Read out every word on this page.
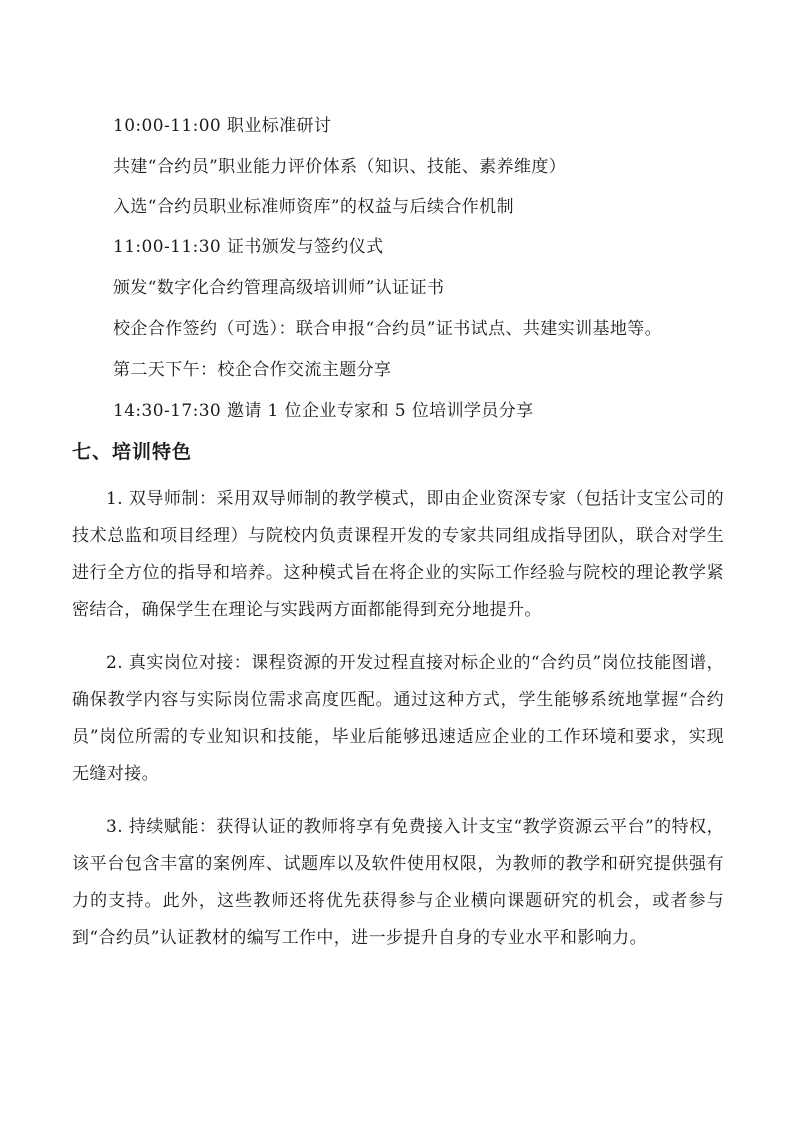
10:00-11:00 职业标准研讨
共建“合约员”职业能力评价体系（知识、技能、素养维度）
入选“合约员职业标准师资库”的权益与后续合作机制
11:00-11:30 证书颁发与签约仪式
颁发“数字化合约管理高级培训师”认证证书
校企合作签约（可选）：联合申报“合约员”证书试点、共建实训基地等。
第二天下午：校企合作交流主题分享
14:30-17:30 邀请 1 位企业专家和 5 位培训学员分享
七、培训特色
1. 双导师制：采用双导师制的教学模式，即由企业资深专家（包括计支宝公司的技术总监和项目经理）与院校内负责课程开发的专家共同组成指导团队，联合对学生进行全方位的指导和培养。这种模式旨在将企业的实际工作经验与院校的理论教学紧密结合，确保学生在理论与实践两方面都能得到充分地提升。
2. 真实岗位对接：课程资源的开发过程直接对标企业的“合约员”岗位技能图谱，确保教学内容与实际岗位需求高度匹配。通过这种方式，学生能够系统地掌握“合约员”岗位所需的专业知识和技能，毕业后能够迅速适应企业的工作环境和要求，实现无缝对接。
3. 持续赋能：获得认证的教师将享有免费接入计支宝“教学资源云平台”的特权，该平台包含丰富的案例库、试题库以及软件使用权限，为教师的教学和研究提供强有力的支持。此外，这些教师还将优先获得参与企业横向课题研究的机会，或者参与到“合约员”认证教材的编写工作中，进一步提升自身的专业水平和影响力。
